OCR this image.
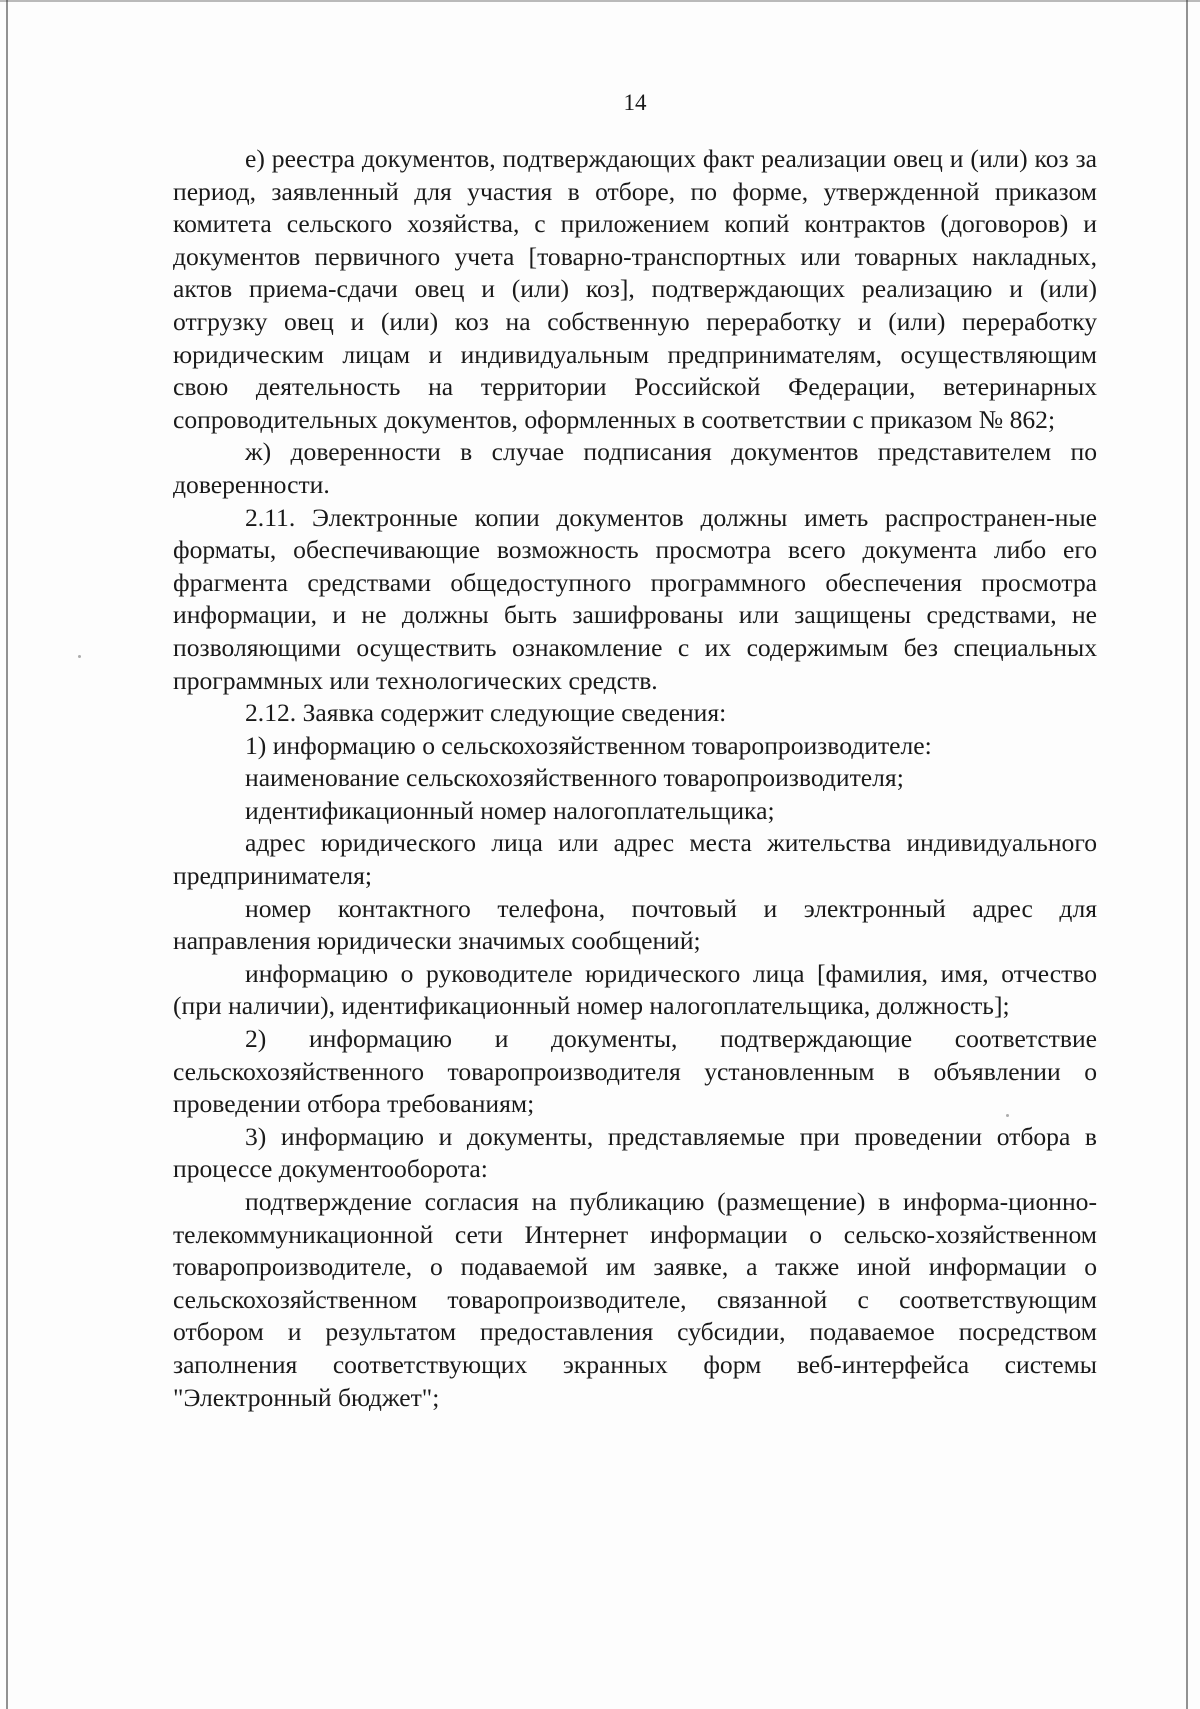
14

е) реестра документов, подтверждающих факт реализации овец и (или) коз за период, заявленный для участия в отборе, по форме, утвержденной приказом комитета сельского хозяйства, с приложением копий контрактов (договоров) и документов первичного учета [товарно-транспортных или товарных накладных, актов приема-сдачи овец и (или) коз], подтверждающих реализацию и (или) отгрузку овец и (или) коз на собственную переработку и (или) переработку юридическим лицам и индивидуальным предпринимателям, осуществляющим свою деятельность на территории Российской Федерации, ветеринарных сопроводительных документов, оформленных в соответствии с приказом № 862;

ж) доверенности в случае подписания документов представителем по доверенности.

2.11. Электронные копии документов должны иметь распространен-ные форматы, обеспечивающие возможность просмотра всего документа либо его фрагмента средствами общедоступного программного обеспечения просмотра информации, и не должны быть зашифрованы или защищены средствами, не позволяющими осуществить ознакомление с их содержимым без специальных программных или технологических средств.

2.12. Заявка содержит следующие сведения:

1) информацию о сельскохозяйственном товаропроизводителе:

наименование сельскохозяйственного товаропроизводителя;

идентификационный номер налогоплательщика;

адрес юридического лица или адрес места жительства индивидуального предпринимателя;

номер контактного телефона, почтовый и электронный адрес для направления юридически значимых сообщений;

информацию о руководителе юридического лица [фамилия, имя, отчество (при наличии), идентификационный номер налогоплательщика, должность];

2) информацию и документы, подтверждающие соответствие сельскохозяйственного товаропроизводителя установленным в объявлении о проведении отбора требованиям;

3) информацию и документы, представляемые при проведении отбора в процессе документооборота:

подтверждение согласия на публикацию (размещение) в информа-ционно-телекоммуникационной сети Интернет информации о сельско-хозяйственном товаропроизводителе, о подаваемой им заявке, а также иной информации о сельскохозяйственном товаропроизводителе, связанной с соответствующим отбором и результатом предоставления субсидии, подаваемое посредством заполнения соответствующих экранных форм веб-интерфейса системы "Электронный бюджет";
